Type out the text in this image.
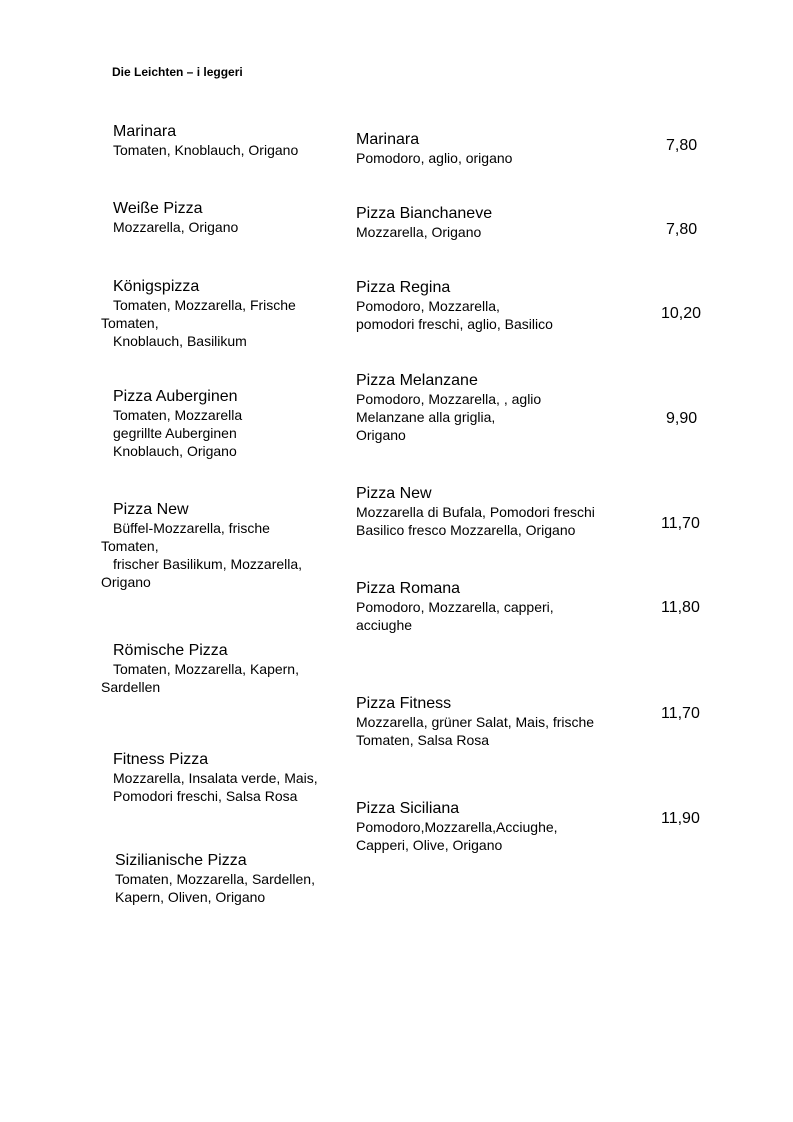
Die Leichten – i leggeri
Marinara
Tomaten, Knoblauch, Origano
Weiße Pizza
Mozzarella, Origano
Königspizza
Tomaten, Mozzarella, Frische
Tomaten,
Knoblauch, Basilikum
Pizza Auberginen
Tomaten, Mozzarella
gegrillte Auberginen
Knoblauch, Origano
Pizza New
Büffel-Mozzarella, frische
Tomaten,
frischer Basilikum, Mozzarella,
Origano
Römische Pizza
Tomaten, Mozzarella, Kapern,
Sardellen
Fitness Pizza
Mozzarella, Insalata verde, Mais,
Pomodori freschi, Salsa Rosa
Sizilianische Pizza
Tomaten, Mozzarella, Sardellen,
Kapern, Oliven, Origano
Marinara
Pomodoro, aglio, origano
7,80
Pizza Bianchaneve
Mozzarella, Origano	7,80
Pizza Regina
Pomodoro, Mozzarella,
pomodori freschi, aglio, Basilico
10,20
Pizza Melanzane
Pomodoro, Mozzarella, , aglio
Melanzane alla griglia,
Origano
9,90
Pizza New
Mozzarella di Bufala, Pomodori freschi
Basilico fresco Mozzarella, Origano	11,70
Pizza Romana
Pomodoro, Mozzarella, capperi,
acciughe
11,80
Pizza Fitness
Mozzarella, grüner Salat, Mais, frische
Tomaten, Salsa Rosa
11,70
Pizza Siciliana
Pomodoro,Mozzarella,Acciughe,
Capperi, Olive, Origano
11,90
